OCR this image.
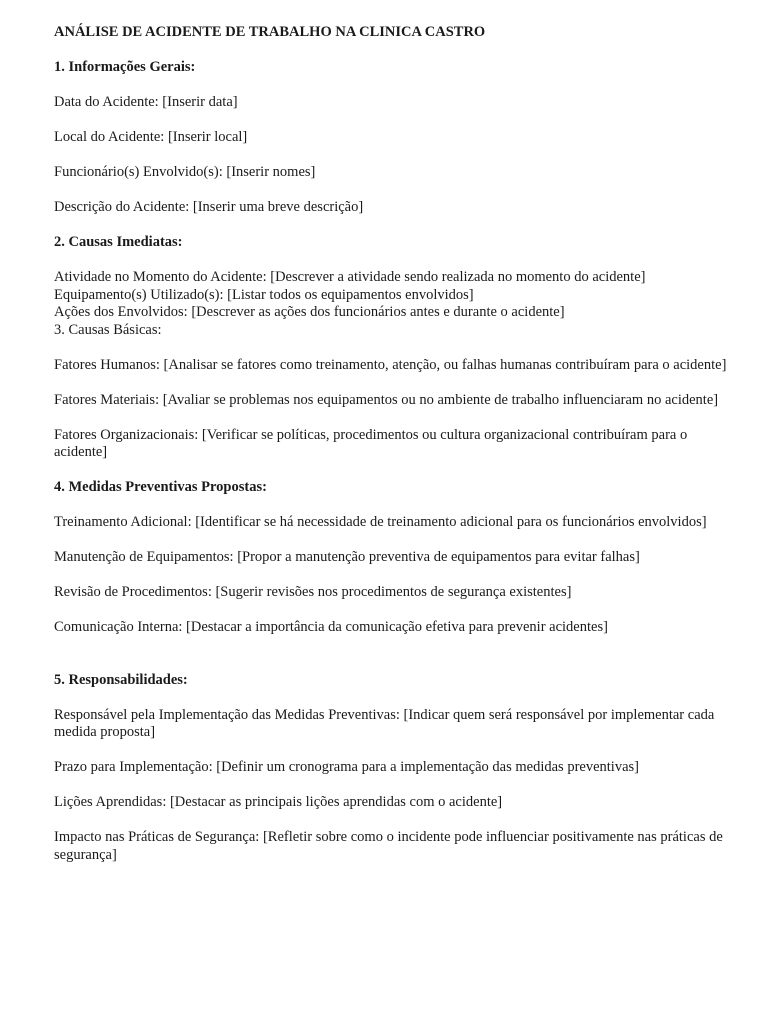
ANÁLISE DE ACIDENTE DE TRABALHO NA CLINICA CASTRO

1. Informações Gerais:

Data do Acidente: [Inserir data]

Local do Acidente: [Inserir local]

Funcionário(s) Envolvido(s): [Inserir nomes]

Descrição do Acidente: [Inserir uma breve descrição]

2. Causas Imediatas:

Atividade no Momento do Acidente: [Descrever a atividade sendo realizada no momento do acidente]

Equipamento(s) Utilizado(s): [Listar todos os equipamentos envolvidos]

Ações dos Envolvidos: [Descrever as ações dos funcionários antes e durante o acidente]

3. Causas Básicas:

Fatores Humanos: [Analisar se fatores como treinamento, atenção, ou falhas humanas contribuíram para o acidente]

Fatores Materiais: [Avaliar se problemas nos equipamentos ou no ambiente de trabalho influenciaram no acidente]

Fatores Organizacionais: [Verificar se políticas, procedimentos ou cultura organizacional contribuíram para o acidente]

4. Medidas Preventivas Propostas:

Treinamento Adicional: [Identificar se há necessidade de treinamento adicional para os funcionários envolvidos]

Manutenção de Equipamentos: [Propor a manutenção preventiva de equipamentos para evitar falhas]

Revisão de Procedimentos: [Sugerir revisões nos procedimentos de segurança existentes]

Comunicação Interna: [Destacar a importância da comunicação efetiva para prevenir acidentes]

5. Responsabilidades:

Responsável pela Implementação das Medidas Preventivas: [Indicar quem será responsável por implementar cada medida proposta]

Prazo para Implementação: [Definir um cronograma para a implementação das medidas preventivas]

Lições Aprendidas: [Destacar as principais lições aprendidas com o acidente]

Impacto nas Práticas de Segurança: [Refletir sobre como o incidente pode influenciar positivamente nas práticas de segurança]
